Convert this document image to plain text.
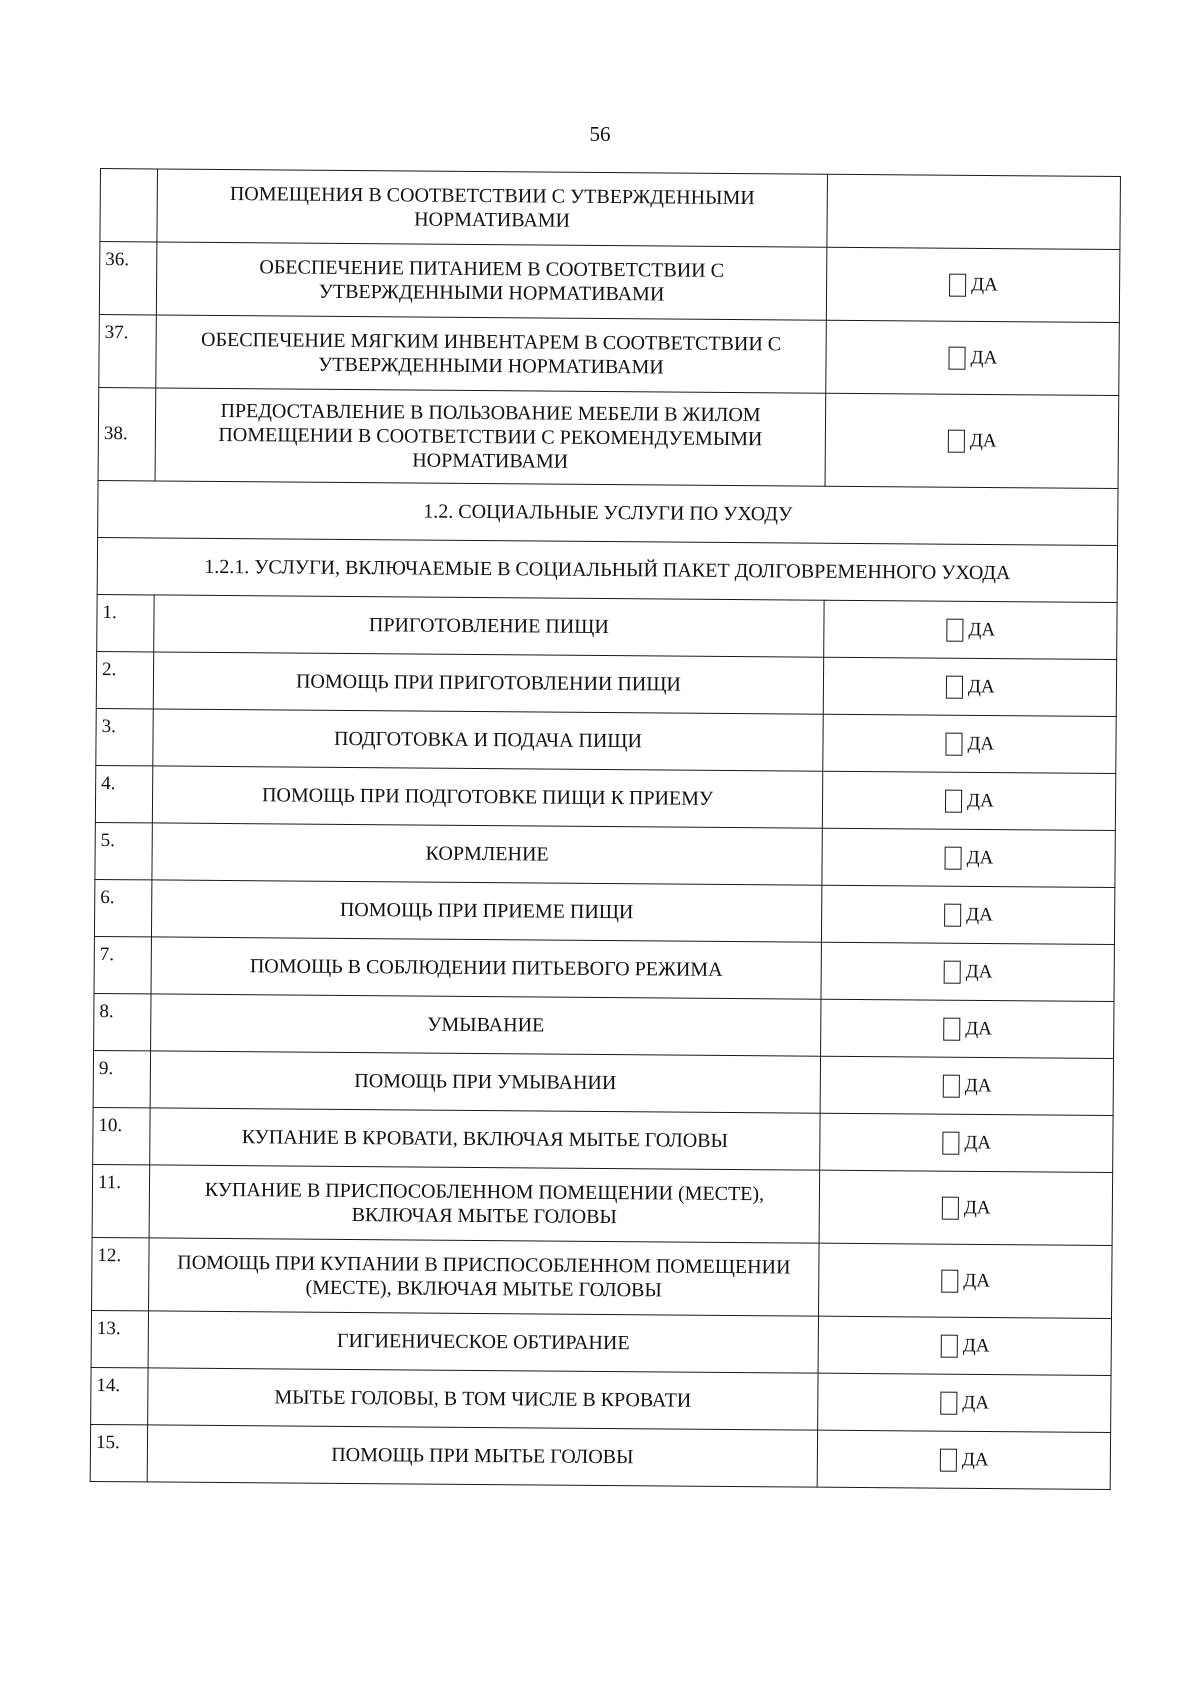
56
	ПОМЕЩЕНИЯ В СООТВЕТСТВИИ С УТВЕРЖДЕННЫМИ НОРМАТИВАМИ	
36.	ОБЕСПЕЧЕНИЕ ПИТАНИЕМ В СООТВЕТСТВИИ С УТВЕРЖДЕННЫМИ НОРМАТИВАМИ	ДА
37.	ОБЕСПЕЧЕНИЕ МЯГКИМ ИНВЕНТАРЕМ В СООТВЕТСТВИИ С УТВЕРЖДЕННЫМИ НОРМАТИВАМИ	ДА
38.	ПРЕДОСТАВЛЕНИЕ В ПОЛЬЗОВАНИЕ МЕБЕЛИ В ЖИЛОМ ПОМЕЩЕНИИ В СООТВЕТСТВИИ С РЕКОМЕНДУЕМЫМИ НОРМАТИВАМИ	ДА
1.2. СОЦИАЛЬНЫЕ УСЛУГИ ПО УХОДУ		
1.2.1. УСЛУГИ, ВКЛЮЧАЕМЫЕ В СОЦИАЛЬНЫЙ ПАКЕТ ДОЛГОВРЕМЕННОГО УХОДА		
1.	ПРИГОТОВЛЕНИЕ ПИЩИ	ДА
2.	ПОМОЩЬ ПРИ ПРИГОТОВЛЕНИИ ПИЩИ	ДА
3.	ПОДГОТОВКА И ПОДАЧА ПИЩИ	ДА
4.	ПОМОЩЬ ПРИ ПОДГОТОВКЕ ПИЩИ К ПРИЕМУ	ДА
5.	КОРМЛЕНИЕ	ДА
6.	ПОМОЩЬ ПРИ ПРИЕМЕ ПИЩИ	ДА
7.	ПОМОЩЬ В СОБЛЮДЕНИИ ПИТЬЕВОГО РЕЖИМА	ДА
8.	УМЫВАНИЕ	ДА
9.	ПОМОЩЬ ПРИ УМЫВАНИИ	ДА
10.	КУПАНИЕ В КРОВАТИ, ВКЛЮЧАЯ МЫТЬЕ ГОЛОВЫ	ДА
11.	КУПАНИЕ В ПРИСПОСОБЛЕННОМ ПОМЕЩЕНИИ (МЕСТЕ), ВКЛЮЧАЯ МЫТЬЕ ГОЛОВЫ	ДА
12.	ПОМОЩЬ ПРИ КУПАНИИ В ПРИСПОСОБЛЕННОМ ПОМЕЩЕНИИ (МЕСТЕ), ВКЛЮЧАЯ МЫТЬЕ ГОЛОВЫ	ДА
13.	ГИГИЕНИЧЕСКОЕ ОБТИРАНИЕ	ДА
14.	МЫТЬЕ ГОЛОВЫ, В ТОМ ЧИСЛЕ В КРОВАТИ	ДА
15.	ПОМОЩЬ ПРИ МЫТЬЕ ГОЛОВЫ	ДА
